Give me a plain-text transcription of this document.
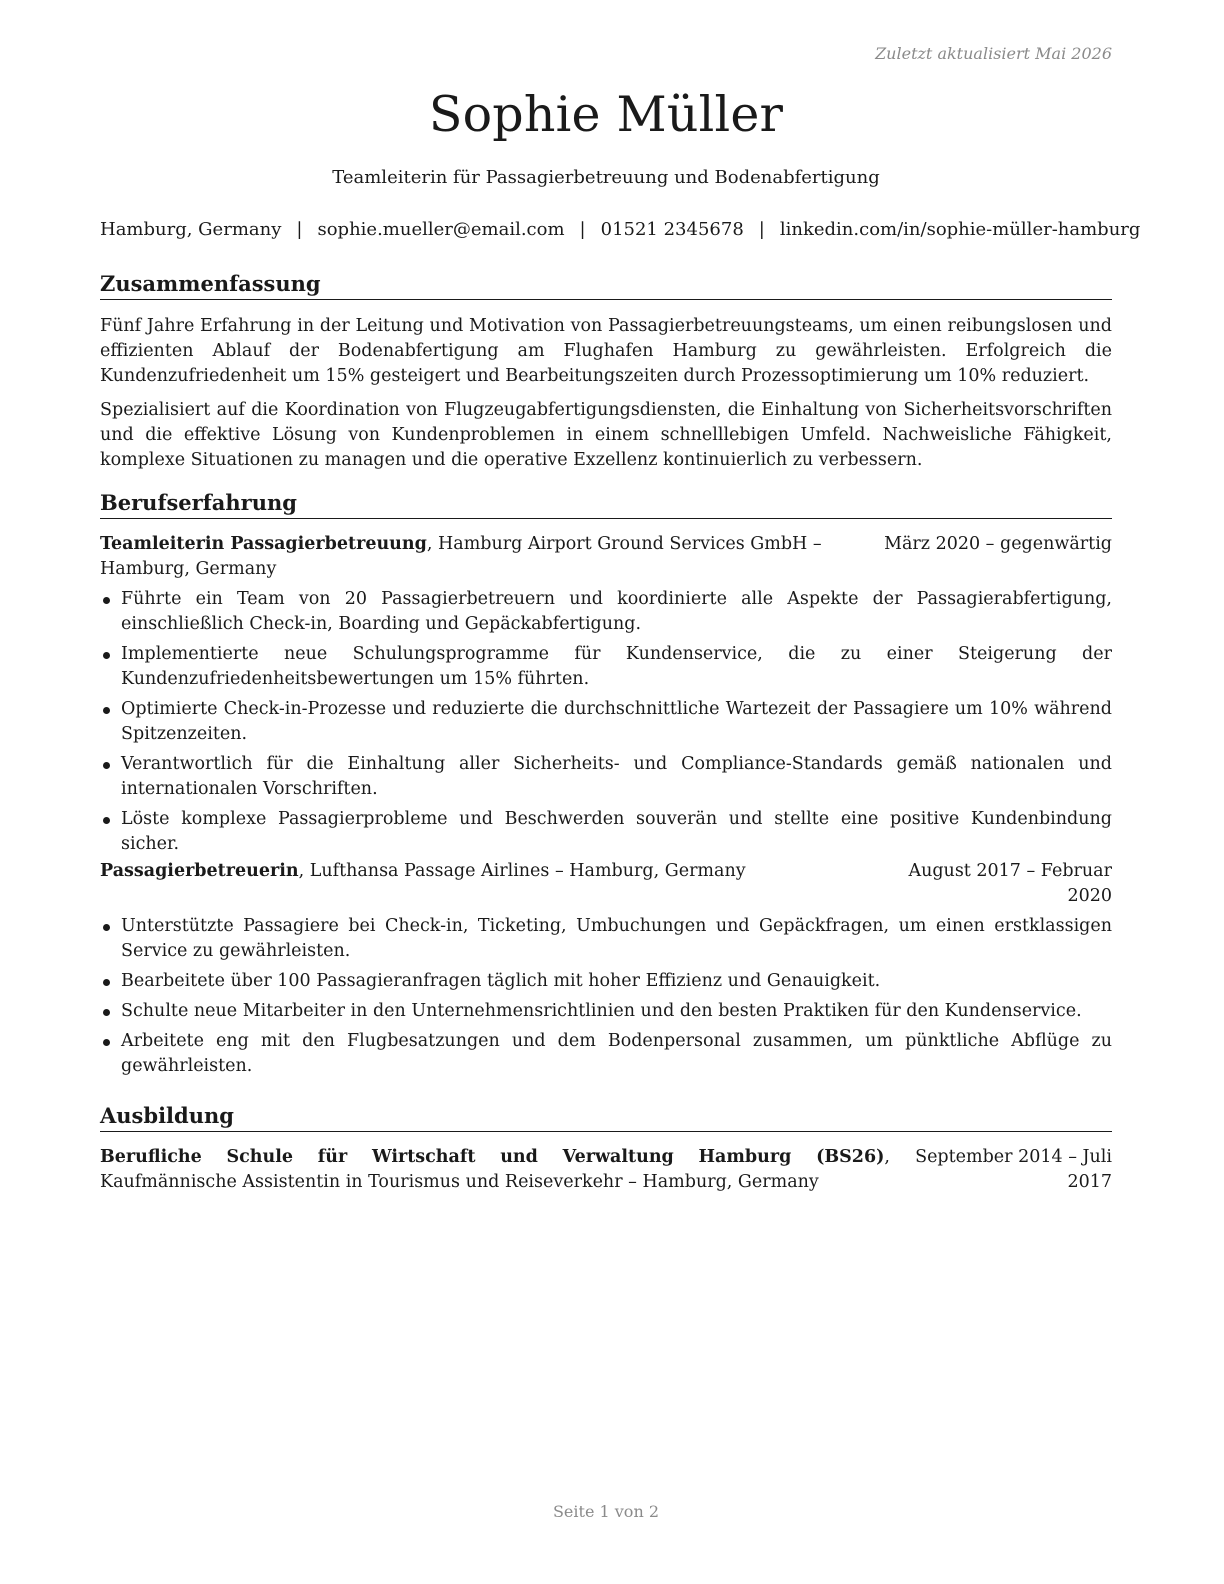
Zuletzt aktualisiert Mai 2026
Sophie Müller
Teamleiterin für Passagierbetreuung und Bodenabfertigung
Hamburg, Germany | sophie.mueller@email.com | 01521 2345678 | linkedin.com/in/sophie-müller-hamburg
Zusammenfassung
Fünf Jahre Erfahrung in der Leitung und Motivation von Passagierbetreuungsteams, um einen reibungslosen und effizienten Ablauf der Bodenabfertigung am Flughafen Hamburg zu gewährleisten. Erfolgreich die Kundenzufriedenheit um 15% gesteigert und Bearbeitungszeiten durch Prozessoptimierung um 10% reduziert.
Spezialisiert auf die Koordination von Flugzeugabfertigungsdiensten, die Einhaltung von Sicherheitsvorschriften und die effektive Lösung von Kundenproblemen in einem schnelllebigen Umfeld. Nachweisliche Fähigkeit, komplexe Situationen zu managen und die operative Exzellenz kontinuierlich zu verbessern.
Berufserfahrung
Teamleiterin Passagierbetreuung, Hamburg Airport Ground Services GmbH – Hamburg, Germany
März 2020 – gegenwärtig
Führte ein Team von 20 Passagierbetreuern und koordinierte alle Aspekte der Passagierabfertigung, einschließlich Check-in, Boarding und Gepäckabfertigung.
Implementierte neue Schulungsprogramme für Kundenservice, die zu einer Steigerung der Kundenzufriedenheitsbewertungen um 15% führten.
Optimierte Check-in-Prozesse und reduzierte die durchschnittliche Wartezeit der Passagiere um 10% während Spitzenzeiten.
Verantwortlich für die Einhaltung aller Sicherheits- und Compliance-Standards gemäß nationalen und internationalen Vorschriften.
Löste komplexe Passagierprobleme und Beschwerden souverän und stellte eine positive Kundenbindung sicher.
Passagierbetreuerin, Lufthansa Passage Airlines – Hamburg, Germany	August 2017 – Februar 2020
Unterstützte Passagiere bei Check-in, Ticketing, Umbuchungen und Gepäckfragen, um einen erstklassigen Service zu gewährleisten.
Bearbeitete über 100 Passagieranfragen täglich mit hoher Effizienz und Genauigkeit.
Schulte neue Mitarbeiter in den Unternehmensrichtlinien und den besten Praktiken für den Kundenservice.
Arbeitete eng mit den Flugbesatzungen und dem Bodenpersonal zusammen, um pünktliche Abflüge zu gewährleisten.
Ausbildung
Berufliche Schule für Wirtschaft und Verwaltung Hamburg (BS26), Kaufmännische Assistentin in Tourismus und Reiseverkehr – Hamburg, Germany
September 2014 – Juli 2017
Seite 1 von 2
